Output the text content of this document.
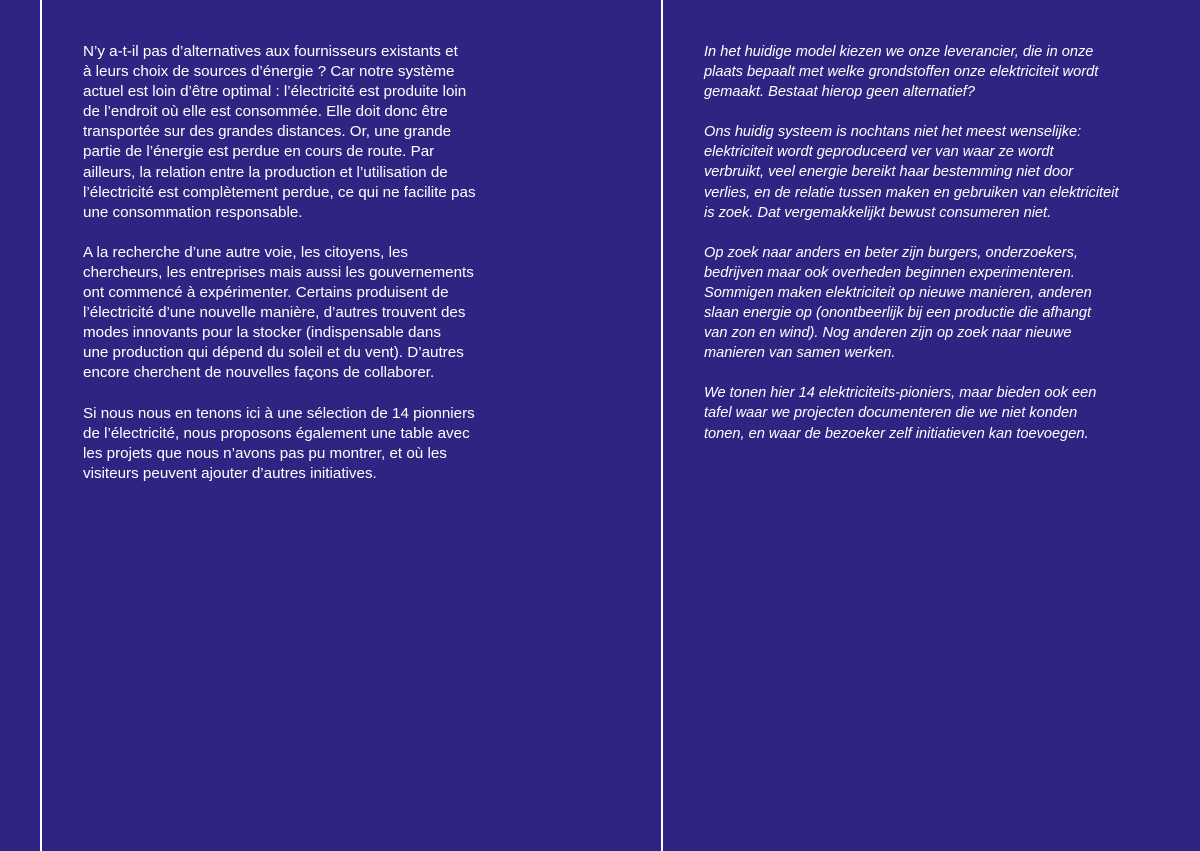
N’y a-t-il pas d’alternatives aux fournisseurs existants et
à leurs choix de sources d’énergie ? Car notre système
actuel est loin d’être optimal : l’électricité est produite loin
de l’endroit où elle est consommée. Elle doit donc être
transportée sur des grandes distances. Or, une grande
partie de l’énergie est perdue en cours de route. Par
ailleurs, la relation entre la production et l’utilisation de
l’électricité est complètement perdue, ce qui ne facilite pas
une consommation responsable.

A la recherche d’une autre voie, les citoyens, les
chercheurs, les entreprises mais aussi les gouvernements
ont commencé à expérimenter. Certains produisent de
l’électricité d’une nouvelle manière, d’autres trouvent des
modes innovants pour la stocker (indispensable dans
une production qui dépend du soleil et du vent). D’autres
encore cherchent de nouvelles façons de collaborer.

Si nous nous en tenons ici à une sélection de 14 pionniers
de l’électricité, nous proposons également une table avec
les projets que nous n’avons pas pu montrer, et où les
visiteurs peuvent ajouter d’autres initiatives.

In het huidige model kiezen we onze leverancier, die in onze
plaats bepaalt met welke grondstoffen onze elektriciteit wordt
gemaakt. Bestaat hierop geen alternatief?

Ons huidig systeem is nochtans niet het meest wenselijke:
elektriciteit wordt geproduceerd ver van waar ze wordt
verbruikt, veel energie bereikt haar bestemming niet door
verlies, en de relatie tussen maken en gebruiken van elektriciteit
is zoek. Dat vergemakkelijkt bewust consumeren niet.

Op zoek naar anders en beter zijn burgers, onderzoekers,
bedrijven maar ook overheden beginnen experimenteren.
Sommigen maken elektriciteit op nieuwe manieren, anderen
slaan energie op (onontbeerlijk bij een productie die afhangt
van zon en wind). Nog anderen zijn op zoek naar nieuwe
manieren van samen werken.

We tonen hier 14 elektriciteits-pioniers, maar bieden ook een
tafel waar we projecten documenteren die we niet konden
tonen, en waar de bezoeker zelf initiatieven kan toevoegen.
